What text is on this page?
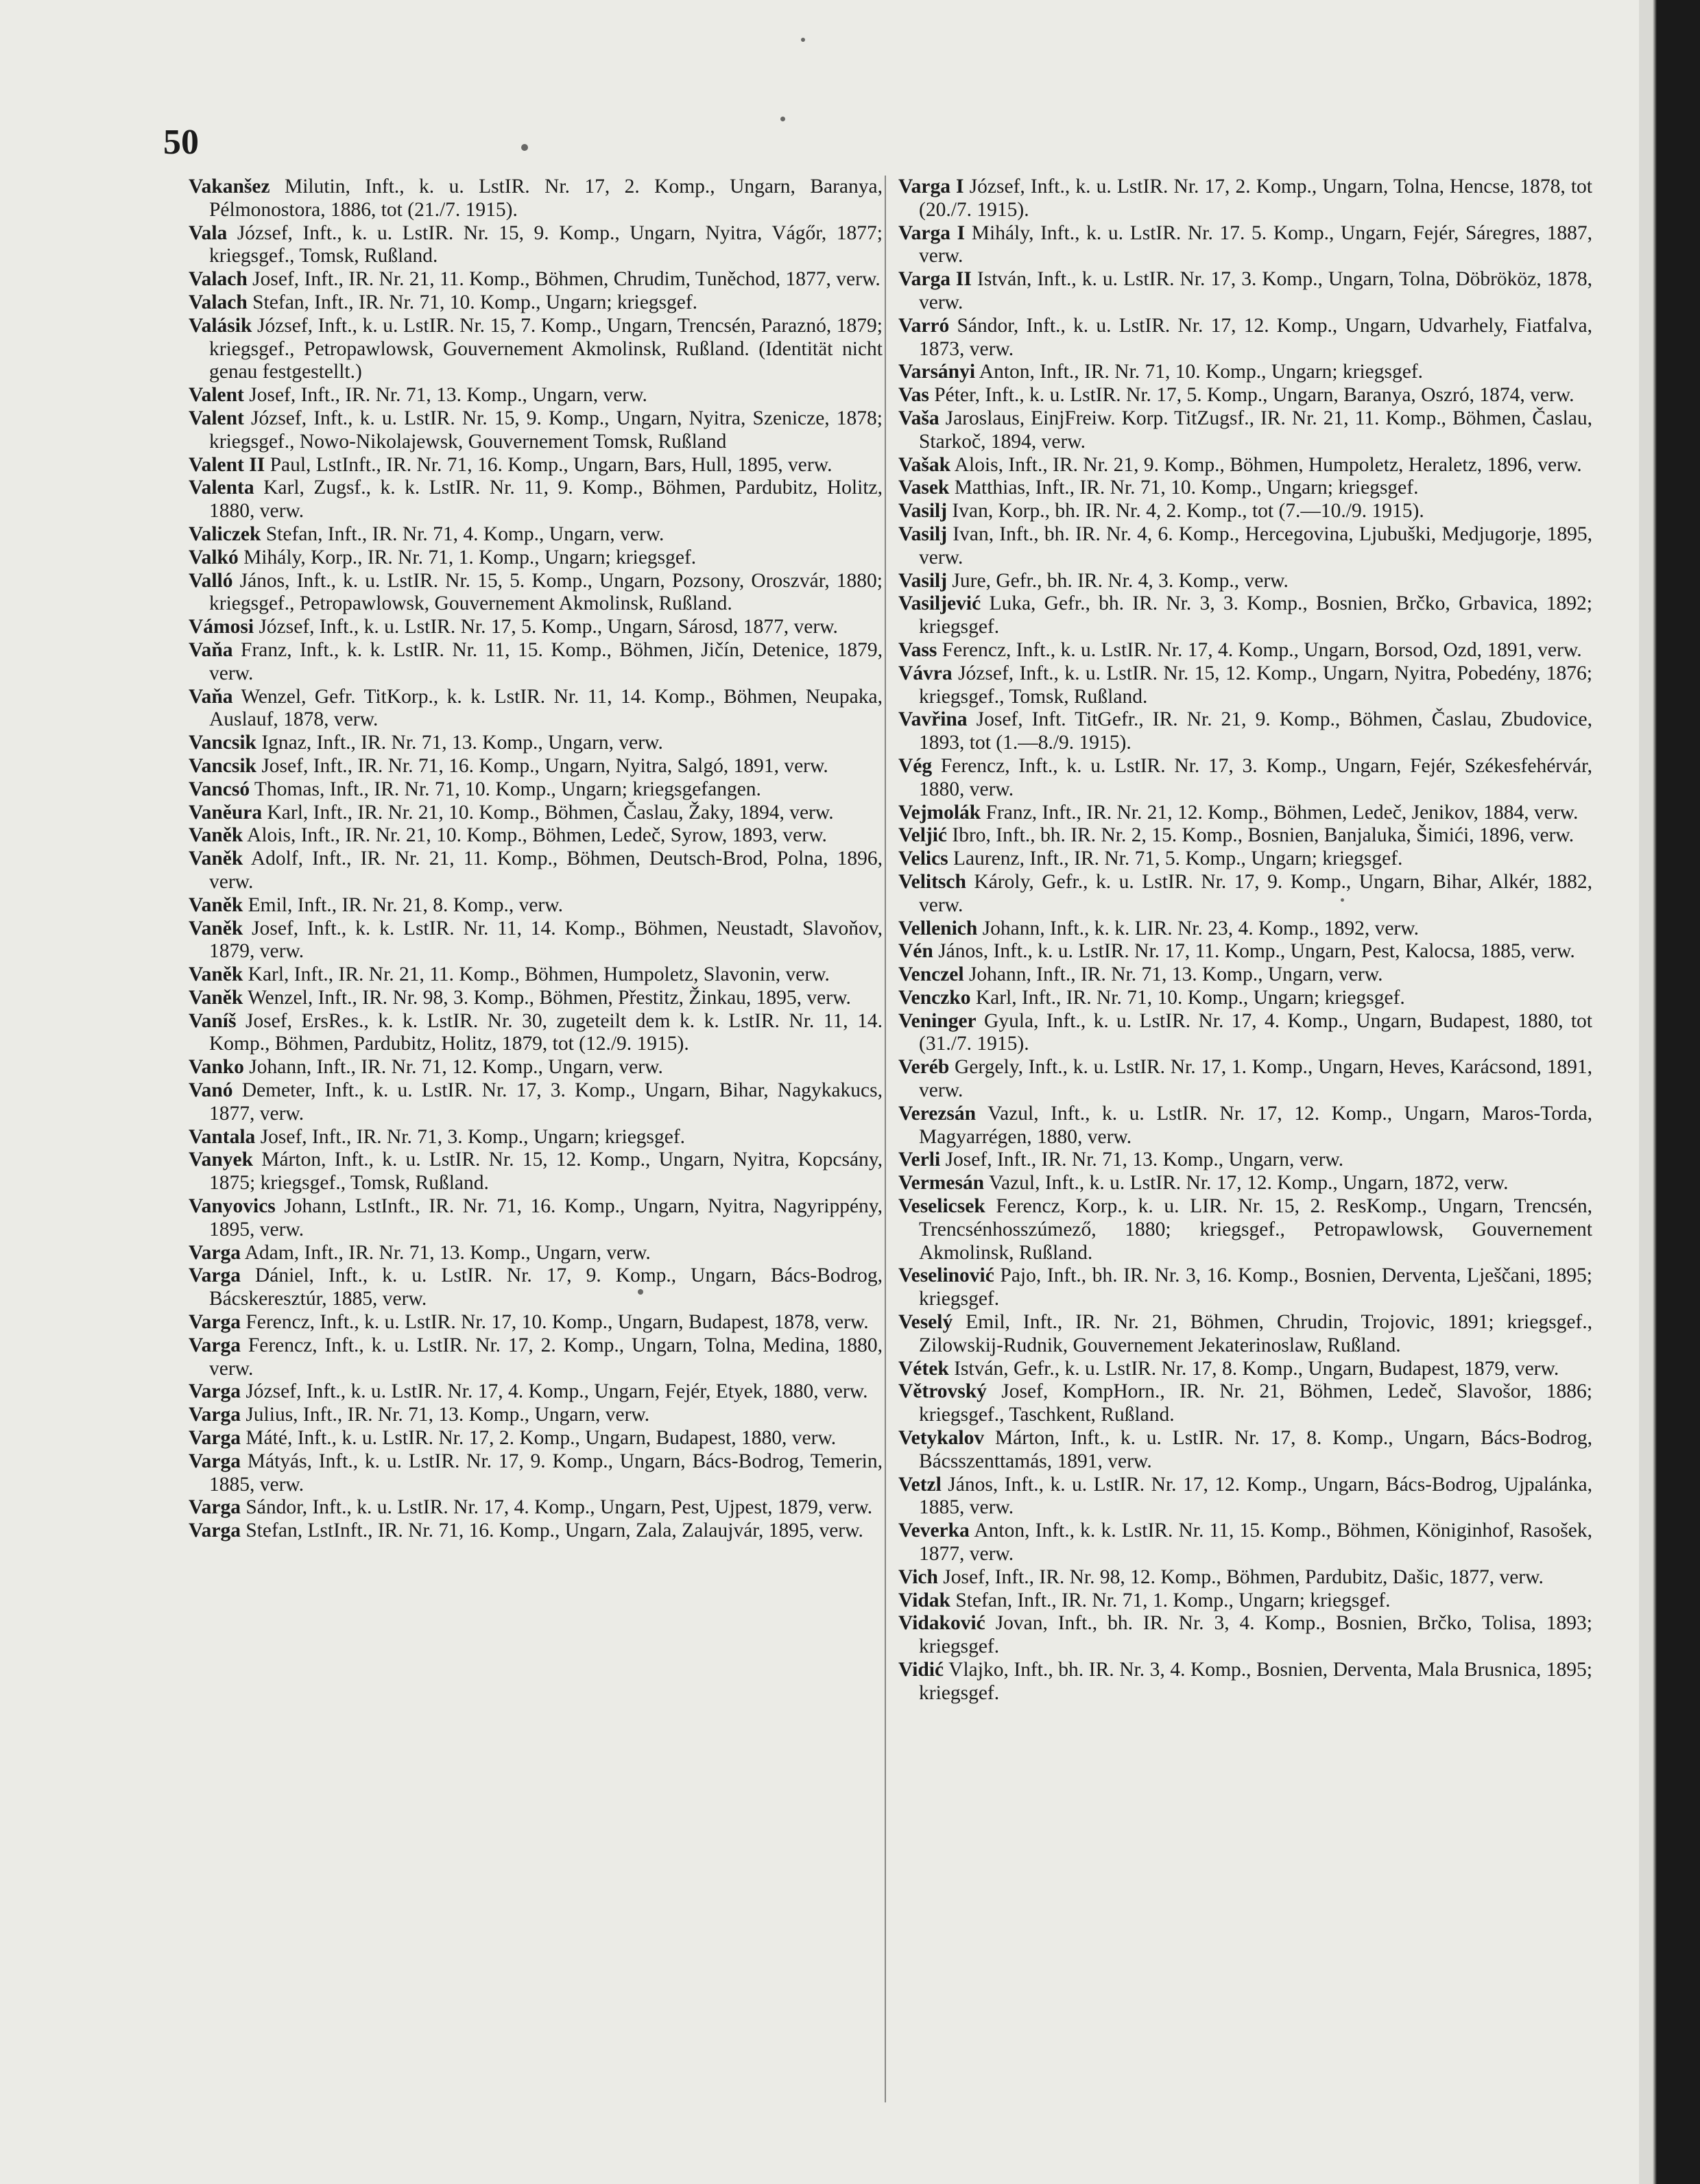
50

Vakanšez Milutin, Inft., k. u. LstIR. Nr. 17, 2. Komp., Ungarn, Baranya, Pélmonostora, 1886, tot (21./7. 1915).

Vala József, Inft., k. u. LstIR. Nr. 15, 9. Komp., Ungarn, Nyitra, Vágőr, 1877; kriegsgef., Tomsk, Rußland.

Valach Josef, Inft., IR. Nr. 21, 11. Komp., Böhmen, Chrudim, Tuněchod, 1877, verw.

Valach Stefan, Inft., IR. Nr. 71, 10. Komp., Ungarn; kriegsgef.

Valásik József, Inft., k. u. LstIR. Nr. 15, 7. Komp., Ungarn, Trencsén, Paraznó, 1879; kriegsgef., Petropawlowsk, Gouvernement Akmolinsk, Rußland. (Identität nicht genau festgestellt.)

Valent Josef, Inft., IR. Nr. 71, 13. Komp., Ungarn, verw.

Valent József, Inft., k. u. LstIR. Nr. 15, 9. Komp., Ungarn, Nyitra, Szenicze, 1878; kriegsgef., Nowo-Nikolajewsk, Gouvernement Tomsk, Rußland

Valent II Paul, LstInft., IR. Nr. 71, 16. Komp., Ungarn, Bars, Hull, 1895, verw.

Valenta Karl, Zugsf., k. k. LstIR. Nr. 11, 9. Komp., Böhmen, Pardubitz, Holitz, 1880, verw.

Valiczek Stefan, Inft., IR. Nr. 71, 4. Komp., Ungarn, verw.

Valkó Mihály, Korp., IR. Nr. 71, 1. Komp., Ungarn; kriegsgef.

Valló János, Inft., k. u. LstIR. Nr. 15, 5. Komp., Ungarn, Pozsony, Oroszvár, 1880; kriegsgef., Petropawlowsk, Gouvernement Akmolinsk, Rußland.

Vámosi József, Inft., k. u. LstIR. Nr. 17, 5. Komp., Ungarn, Sárosd, 1877, verw.

Vaňa Franz, Inft., k. k. LstIR. Nr. 11, 15. Komp., Böhmen, Jičín, Detenice, 1879, verw.

Vaňa Wenzel, Gefr. TitKorp., k. k. LstIR. Nr. 11, 14. Komp., Böhmen, Neupaka, Auslauf, 1878, verw.

Vancsik Ignaz, Inft., IR. Nr. 71, 13. Komp., Ungarn, verw.

Vancsik Josef, Inft., IR. Nr. 71, 16. Komp., Ungarn, Nyitra, Salgó, 1891, verw.

Vancsó Thomas, Inft., IR. Nr. 71, 10. Komp., Ungarn; kriegsgefangen.

Vaněura Karl, Inft., IR. Nr. 21, 10. Komp., Böhmen, Časlau, Žaky, 1894, verw.

Vaněk Alois, Inft., IR. Nr. 21, 10. Komp., Böhmen, Ledeč, Syrow, 1893, verw.

Vaněk Adolf, Inft., IR. Nr. 21, 11. Komp., Böhmen, Deutsch-Brod, Polna, 1896, verw.

Vaněk Emil, Inft., IR. Nr. 21, 8. Komp., verw.

Vaněk Josef, Inft., k. k. LstIR. Nr. 11, 14. Komp., Böhmen, Neustadt, Slavoňov, 1879, verw.

Vaněk Karl, Inft., IR. Nr. 21, 11. Komp., Böhmen, Humpoletz, Slavonin, verw.

Vaněk Wenzel, Inft., IR. Nr. 98, 3. Komp., Böhmen, Přestitz, Žinkau, 1895, verw.

Vaníš Josef, ErsRes., k. k. LstIR. Nr. 30, zugeteilt dem k. k. LstIR. Nr. 11, 14. Komp., Böhmen, Pardubitz, Holitz, 1879, tot (12./9. 1915).

Vanko Johann, Inft., IR. Nr. 71, 12. Komp., Ungarn, verw.

Vanó Demeter, Inft., k. u. LstIR. Nr. 17, 3. Komp., Ungarn, Bihar, Nagykakucs, 1877, verw.

Vantala Josef, Inft., IR. Nr. 71, 3. Komp., Ungarn; kriegsgef.

Vanyek Márton, Inft., k. u. LstIR. Nr. 15, 12. Komp., Ungarn, Nyitra, Kopcsány, 1875; kriegsgef., Tomsk, Rußland.

Vanyovics Johann, LstInft., IR. Nr. 71, 16. Komp., Ungarn, Nyitra, Nagyrippény, 1895, verw.

Varga Adam, Inft., IR. Nr. 71, 13. Komp., Ungarn, verw.

Varga Dániel, Inft., k. u. LstIR. Nr. 17, 9. Komp., Ungarn, Bács-Bodrog, Bácskeresztúr, 1885, verw.

Varga Ferencz, Inft., k. u. LstIR. Nr. 17, 10. Komp., Ungarn, Budapest, 1878, verw.

Varga Ferencz, Inft., k. u. LstIR. Nr. 17, 2. Komp., Ungarn, Tolna, Medina, 1880, verw.

Varga József, Inft., k. u. LstIR. Nr. 17, 4. Komp., Ungarn, Fejér, Etyek, 1880, verw.

Varga Julius, Inft., IR. Nr. 71, 13. Komp., Ungarn, verw.

Varga Máté, Inft., k. u. LstIR. Nr. 17, 2. Komp., Ungarn, Budapest, 1880, verw.

Varga Mátyás, Inft., k. u. LstIR. Nr. 17, 9. Komp., Ungarn, Bács-Bodrog, Temerin, 1885, verw.

Varga Sándor, Inft., k. u. LstIR. Nr. 17, 4. Komp., Ungarn, Pest, Ujpest, 1879, verw.

Varga Stefan, LstInft., IR. Nr. 71, 16. Komp., Ungarn, Zala, Zalaujvár, 1895, verw.

Varga I József, Inft., k. u. LstIR. Nr. 17, 2. Komp., Ungarn, Tolna, Hencse, 1878, tot (20./7. 1915).

Varga I Mihály, Inft., k. u. LstIR. Nr. 17. 5. Komp., Ungarn, Fejér, Sáregres, 1887, verw.

Varga II István, Inft., k. u. LstIR. Nr. 17, 3. Komp., Ungarn, Tolna, Döbrököz, 1878, verw.

Varró Sándor, Inft., k. u. LstIR. Nr. 17, 12. Komp., Ungarn, Udvarhely, Fiatfalva, 1873, verw.

Varsányi Anton, Inft., IR. Nr. 71, 10. Komp., Ungarn; kriegsgef.

Vas Péter, Inft., k. u. LstIR. Nr. 17, 5. Komp., Ungarn, Baranya, Oszró, 1874, verw.

Vaša Jaroslaus, EinjFreiw. Korp. TitZugsf., IR. Nr. 21, 11. Komp., Böhmen, Časlau, Starkoč, 1894, verw.

Vašak Alois, Inft., IR. Nr. 21, 9. Komp., Böhmen, Humpoletz, Heraletz, 1896, verw.

Vasek Matthias, Inft., IR. Nr. 71, 10. Komp., Ungarn; kriegsgef.

Vasilj Ivan, Korp., bh. IR. Nr. 4, 2. Komp., tot (7.—10./9. 1915).

Vasilj Ivan, Inft., bh. IR. Nr. 4, 6. Komp., Hercegovina, Ljubuški, Medjugorje, 1895, verw.

Vasilj Jure, Gefr., bh. IR. Nr. 4, 3. Komp., verw.

Vasiljević Luka, Gefr., bh. IR. Nr. 3, 3. Komp., Bosnien, Brčko, Grbavica, 1892; kriegsgef.

Vass Ferencz, Inft., k. u. LstIR. Nr. 17, 4. Komp., Ungarn, Borsod, Ozd, 1891, verw.

Vávra József, Inft., k. u. LstIR. Nr. 15, 12. Komp., Ungarn, Nyitra, Pobedény, 1876; kriegsgef., Tomsk, Rußland.

Vavřina Josef, Inft. TitGefr., IR. Nr. 21, 9. Komp., Böhmen, Časlau, Zbudovice, 1893, tot (1.—8./9. 1915).

Vég Ferencz, Inft., k. u. LstIR. Nr. 17, 3. Komp., Ungarn, Fejér, Székesfehérvár, 1880, verw.

Vejmolák Franz, Inft., IR. Nr. 21, 12. Komp., Böhmen, Ledeč, Jenikov, 1884, verw.

Veljić Ibro, Inft., bh. IR. Nr. 2, 15. Komp., Bosnien, Banjaluka, Šimići, 1896, verw.

Velics Laurenz, Inft., IR. Nr. 71, 5. Komp., Ungarn; kriegsgef.

Velitsch Károly, Gefr., k. u. LstIR. Nr. 17, 9. Komp., Ungarn, Bihar, Alkér, 1882, verw.

Vellenich Johann, Inft., k. k. LIR. Nr. 23, 4. Komp., 1892, verw.

Vén János, Inft., k. u. LstIR. Nr. 17, 11. Komp., Ungarn, Pest, Kalocsa, 1885, verw.

Venczel Johann, Inft., IR. Nr. 71, 13. Komp., Ungarn, verw.

Venczko Karl, Inft., IR. Nr. 71, 10. Komp., Ungarn; kriegsgef.

Veninger Gyula, Inft., k. u. LstIR. Nr. 17, 4. Komp., Ungarn, Budapest, 1880, tot (31./7. 1915).

Veréb Gergely, Inft., k. u. LstIR. Nr. 17, 1. Komp., Ungarn, Heves, Karácsond, 1891, verw.

Verezsán Vazul, Inft., k. u. LstIR. Nr. 17, 12. Komp., Ungarn, Maros-Torda, Magyarrégen, 1880, verw.

Verli Josef, Inft., IR. Nr. 71, 13. Komp., Ungarn, verw.

Vermesán Vazul, Inft., k. u. LstIR. Nr. 17, 12. Komp., Ungarn, 1872, verw.

Veselicsek Ferencz, Korp., k. u. LIR. Nr. 15, 2. ResKomp., Ungarn, Trencsén, Trencsénhosszúmező, 1880; kriegsgef., Petropawlowsk, Gouvernement Akmolinsk, Rußland.

Veselinović Pajo, Inft., bh. IR. Nr. 3, 16. Komp., Bosnien, Derventa, Lješčani, 1895; kriegsgef.

Veselý Emil, Inft., IR. Nr. 21, Böhmen, Chrudin, Trojovic, 1891; kriegsgef., Zilowskij-Rudnik, Gouvernement Jekaterinoslaw, Rußland.

Vétek István, Gefr., k. u. LstIR. Nr. 17, 8. Komp., Ungarn, Budapest, 1879, verw.

Větrovský Josef, KompHorn., IR. Nr. 21, Böhmen, Ledeč, Slavošor, 1886; kriegsgef., Taschkent, Rußland.

Vetykalov Márton, Inft., k. u. LstIR. Nr. 17, 8. Komp., Ungarn, Bács-Bodrog, Bácsszenttamás, 1891, verw.

Vetzl János, Inft., k. u. LstIR. Nr. 17, 12. Komp., Ungarn, Bács-Bodrog, Ujpalánka, 1885, verw.

Veverka Anton, Inft., k. k. LstIR. Nr. 11, 15. Komp., Böhmen, Königinhof, Rasošek, 1877, verw.

Vich Josef, Inft., IR. Nr. 98, 12. Komp., Böhmen, Pardubitz, Dašic, 1877, verw.

Vidak Stefan, Inft., IR. Nr. 71, 1. Komp., Ungarn; kriegsgef.

Vidaković Jovan, Inft., bh. IR. Nr. 3, 4. Komp., Bosnien, Brčko, Tolisa, 1893; kriegsgef.

Vidić Vlajko, Inft., bh. IR. Nr. 3, 4. Komp., Bosnien, Derventa, Mala Brusnica, 1895; kriegsgef.
